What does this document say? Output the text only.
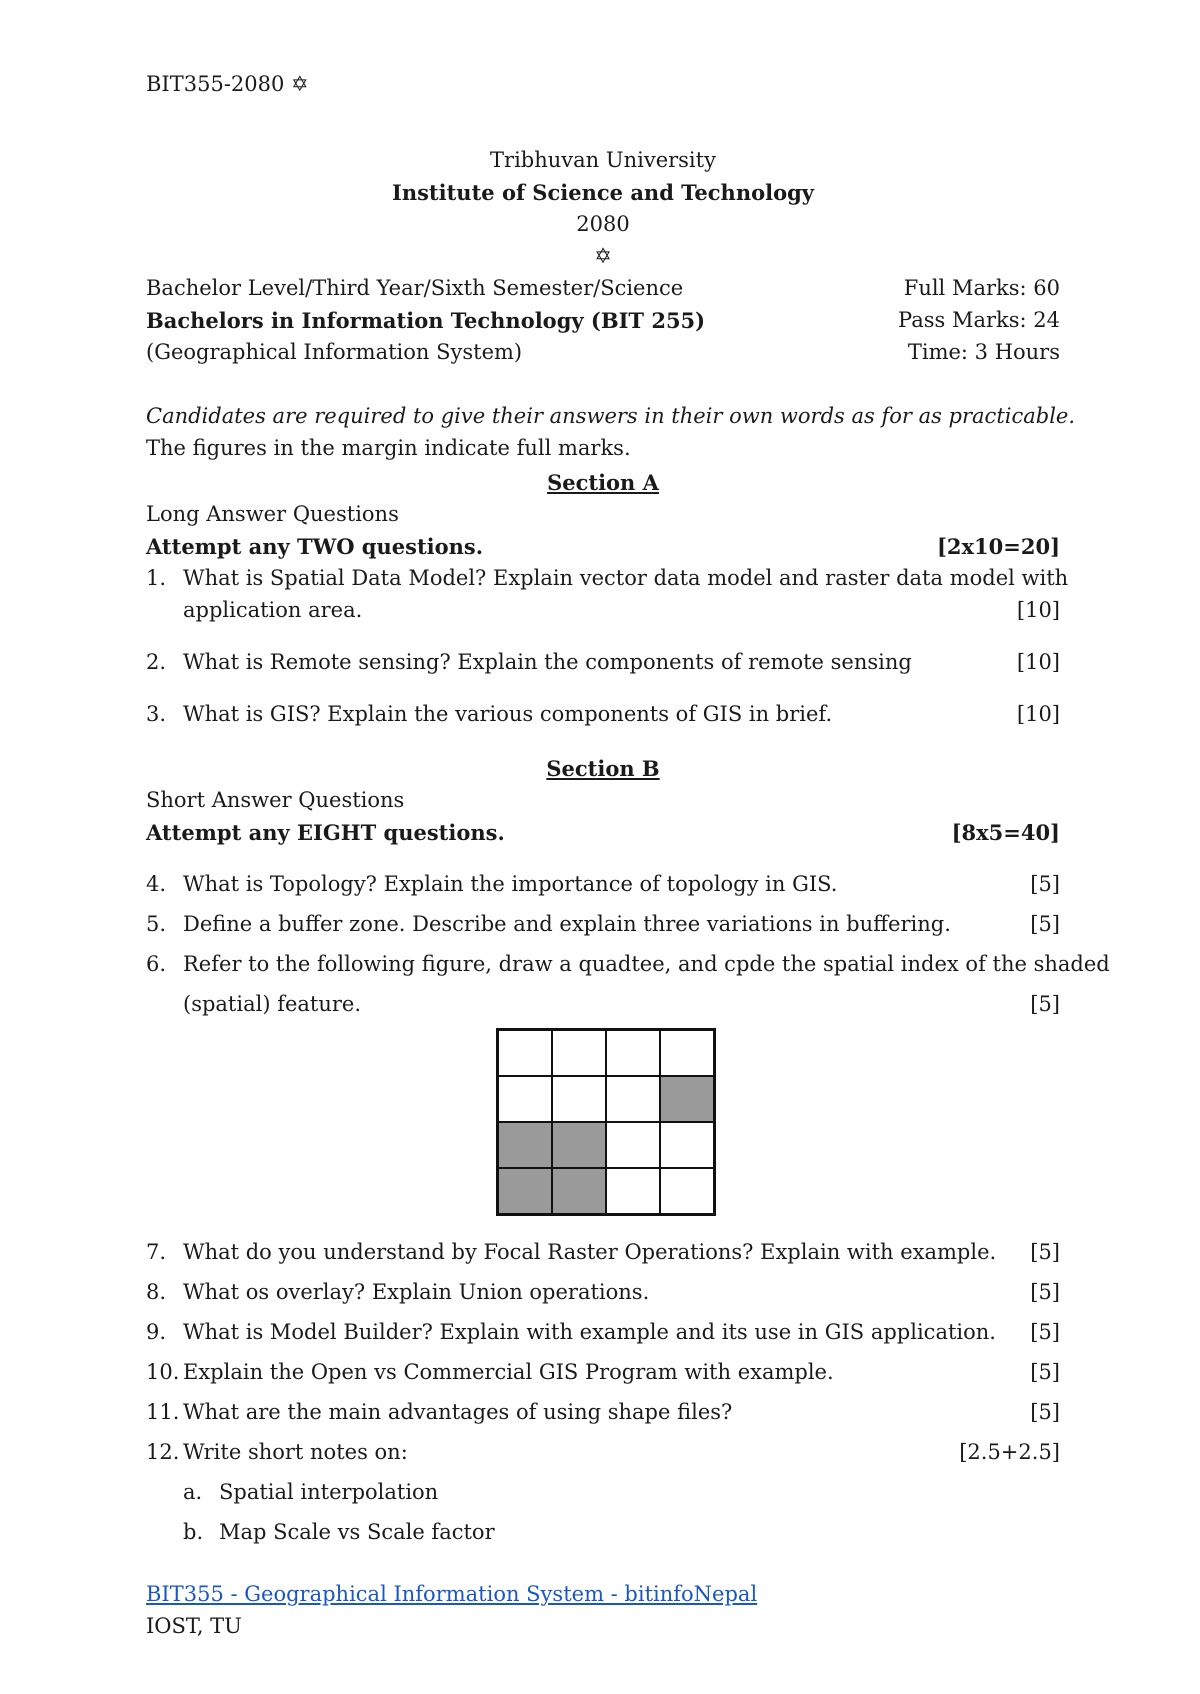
BIT355-2080 ✡
Tribhuvan University
Institute of Science and Technology
2080
✡
Bachelor Level/Third Year/Sixth Semester/Science	Full Marks: 60
Bachelors in Information Technology (BIT 255)	Pass Marks: 24
(Geographical Information System)	Time: 3 Hours
Candidates are required to give their answers in their own words as for as practicable.
The figures in the margin indicate full marks.
Section A
Long Answer Questions
Attempt any TWO questions.	[2x10=20]
1. What is Spatial Data Model? Explain vector data model and raster data model with
application area.	[10]
2. What is Remote sensing? Explain the components of remote sensing	[10]
3. What is GIS? Explain the various components of GIS in brief.	[10]
Section B
Short Answer Questions
Attempt any EIGHT questions.	[8x5=40]
4. What is Topology? Explain the importance of topology in GIS.	[5]
5. Define a buffer zone. Describe and explain three variations in buffering.	[5]
6. Refer to the following figure, draw a quadtee, and cpde the spatial index of the shaded
(spatial) feature.	[5]
7. What do you understand by Focal Raster Operations? Explain with example. [5]
8. What os overlay? Explain Union operations.	[5]
9. What is Model Builder? Explain with example and its use in GIS application. [5]
10. Explain the Open vs Commercial GIS Program with example.	[5]
11. What are the main advantages of using shape files?	[5]
12. Write short notes on:	[2.5+2.5]
a. Spatial interpolation
b. Map Scale vs Scale factor
BIT355 - Geographical Information System - bitinfoNepal
IOST, TU
